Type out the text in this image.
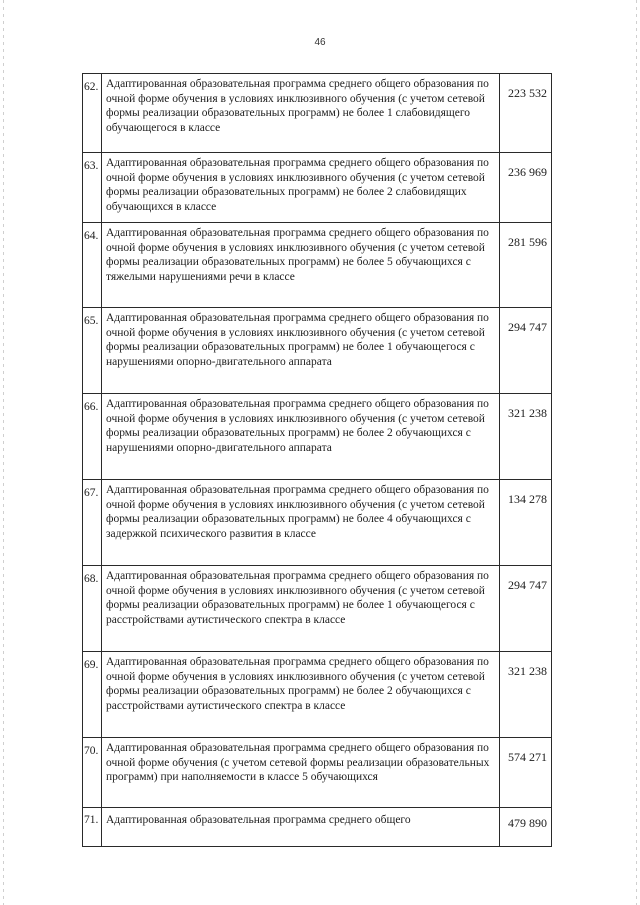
46
62. Адаптированная образовательная программа среднего общего образования по очной форме обучения в условиях инклюзивного обучения (с учетом сетевой формы реализации образовательных программ) не более 1 слабовидящего обучающегося в классе
223 532
63. Адаптированная образовательная программа среднего общего образования по очной форме обучения в условиях инклюзивного обучения (с учетом сетевой формы реализации образовательных программ) не более 2 слабовидящих обучающихся в классе
236 969
64. Адаптированная образовательная программа среднего общего образования по очной форме обучения в условиях инклюзивного обучения (с учетом сетевой формы реализации образовательных программ) не более 5 обучающихся с тяжелыми нарушениями речи в классе
281 596
65. Адаптированная образовательная программа среднего общего образования по очной форме обучения в условиях инклюзивного обучения (с учетом сетевой формы реализации образовательных программ) не более 1 обучающегося с нарушениями опорно-двигательного аппарата
294 747
66. Адаптированная образовательная программа среднего общего образования по очной форме обучения в условиях инклюзивного обучения (с учетом сетевой формы реализации образовательных программ) не более 2 обучающихся с нарушениями опорно-двигательного аппарата
321 238
67. Адаптированная образовательная программа среднего общего образования по очной форме обучения в условиях инклюзивного обучения (с учетом сетевой формы реализации образовательных программ) не более 4 обучающихся с задержкой психического развития в классе
134 278
68. Адаптированная образовательная программа среднего общего образования по очной форме обучения в условиях инклюзивного обучения (с учетом сетевой формы реализации образовательных программ) не более 1 обучающегося с расстройствами аутистического спектра в классе
294 747
69. Адаптированная образовательная программа среднего общего образования по очной форме обучения в условиях инклюзивного обучения (с учетом сетевой формы реализации образовательных программ) не более 2 обучающихся с расстройствами аутистического спектра в классе
321 238
70. Адаптированная образовательная программа среднего общего образования по очной форме обучения (с учетом сетевой формы реализации образовательных программ) при наполняемости в классе 5 обучающихся
574 271
71. Адаптированная образовательная программа среднего общего	479 890
